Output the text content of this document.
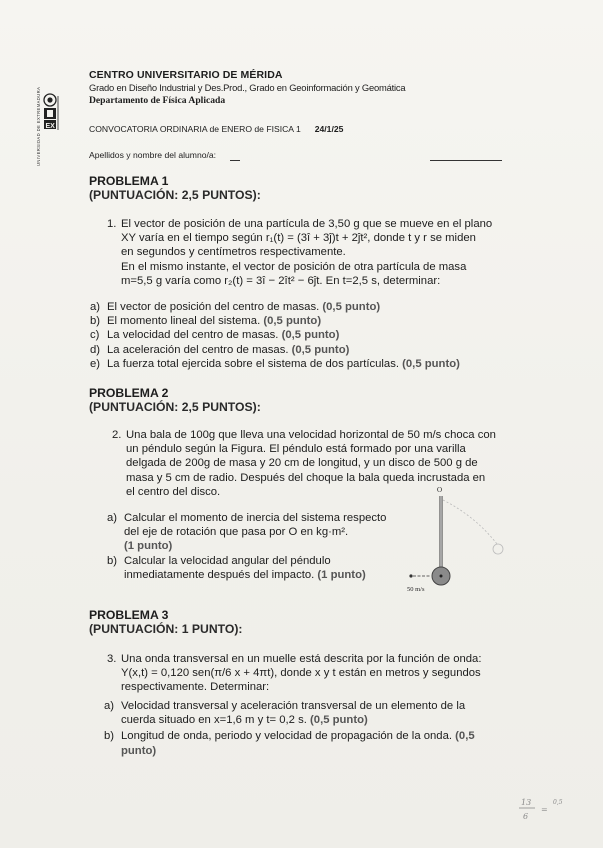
UNIVERSIDAD DE EXTREMADURA EX
CENTRO UNIVERSITARIO DE MÉRIDA
Grado en Diseño Industrial y Des.Prod., Grado en Geoinformación y Geomática
Departamento de Física Aplicada
CONVOCATORIA ORDINARIA de ENERO de FISICA 1 24/1/25
Apellidos y nombre del alumno/a:
PROBLEMA 1
(PUNTUACIÓN: 2,5 PUNTOS):
1. El vector de posición de una partícula de 3,50 g que se mueve en el plano
XY varía en el tiempo según r₁(t) = (3î + 3ĵ)t + 2ĵt², donde t y r se miden
en segundos y centímetros respectivamente.
En el mismo instante, el vector de posición de otra partícula de masa
m=5,5 g varía como r₂(t) = 3î − 2ît² − 6ĵt. En t=2,5 s, determinar:
a) El vector de posición del centro de masas. (0,5 punto)
b) El momento lineal del sistema. (0,5 punto)
c) La velocidad del centro de masas. (0,5 punto)
d) La aceleración del centro de masas. (0,5 punto)
e) La fuerza total ejercida sobre el sistema de dos partículas. (0,5 punto)
PROBLEMA 2
(PUNTUACIÓN: 2,5 PUNTOS):
2. Una bala de 100g que lleva una velocidad horizontal de 50 m/s choca con
un péndulo según la Figura. El péndulo está formado por una varilla
delgada de 200g de masa y 20 cm de longitud, y un disco de 500 g de
masa y 5 cm de radio. Después del choque la bala queda incrustada en
el centro del disco.
a) Calcular el momento de inercia del sistema respecto
del eje de rotación que pasa por O en kg·m².
(1 punto)
b) Calcular la velocidad angular del péndulo
inmediatamente después del impacto. (1 punto)
O
50 m/s
PROBLEMA 3
(PUNTUACIÓN: 1 PUNTO):
3. Una onda transversal en un muelle está descrita por la función de onda:
Y(x,t) = 0,120 sen(π/6 x + 4πt), donde x y t están en metros y segundos
respectivamente. Determinar:
a) Velocidad transversal y aceleración transversal de un elemento de la
cuerda situado en x=1,6 m y t= 0,2 s. (0,5 punto)
b) Longitud de onda, periodo y velocidad de propagación de la onda. (0,5
punto)
13
6
=
0,5
